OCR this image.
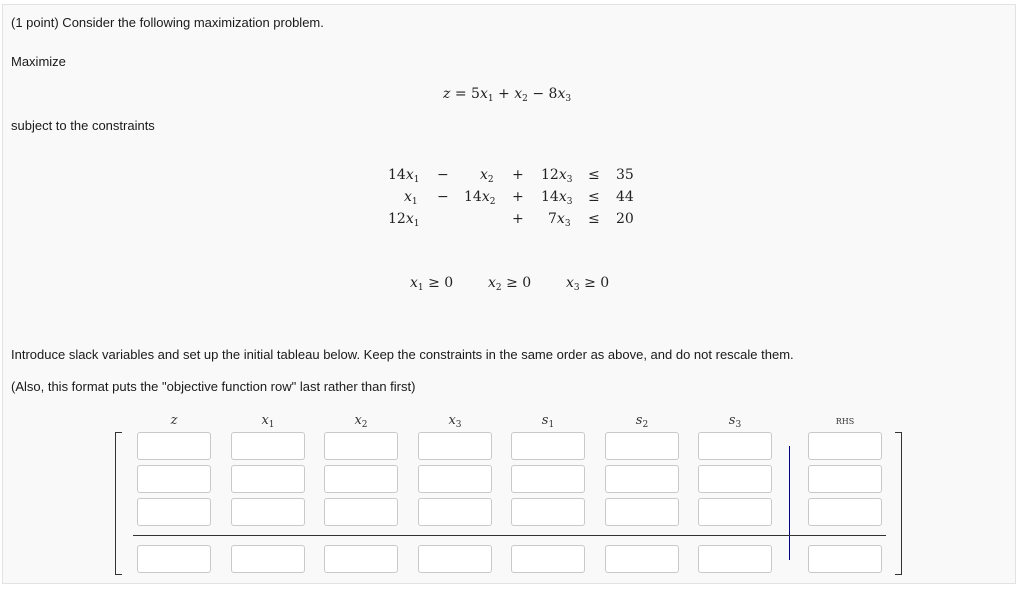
(1 point) Consider the following maximization problem.
Maximize
$z = 5x_1 + x_2 - 8x_3$
subject to the constraints
$14x_1 - x_2 + 12x_3 \le 35$
$x_1 - 14x_2 + 14x_3 \le 44$
$12x_1$	+ $7x_3 \le 20$
$x_1 \ge 0$ $x_2 \ge 0$ $x_3 \ge 0$
Introduce slack variables and set up the initial tableau below. Keep the constraints in the same order as above, and do not rescale them.
(Also, this format puts the "objective function row" last rather than first)
z	$x_1$	$x_2$	$x_3$	$s_1$	$s_2$	$s_3$	RHS
